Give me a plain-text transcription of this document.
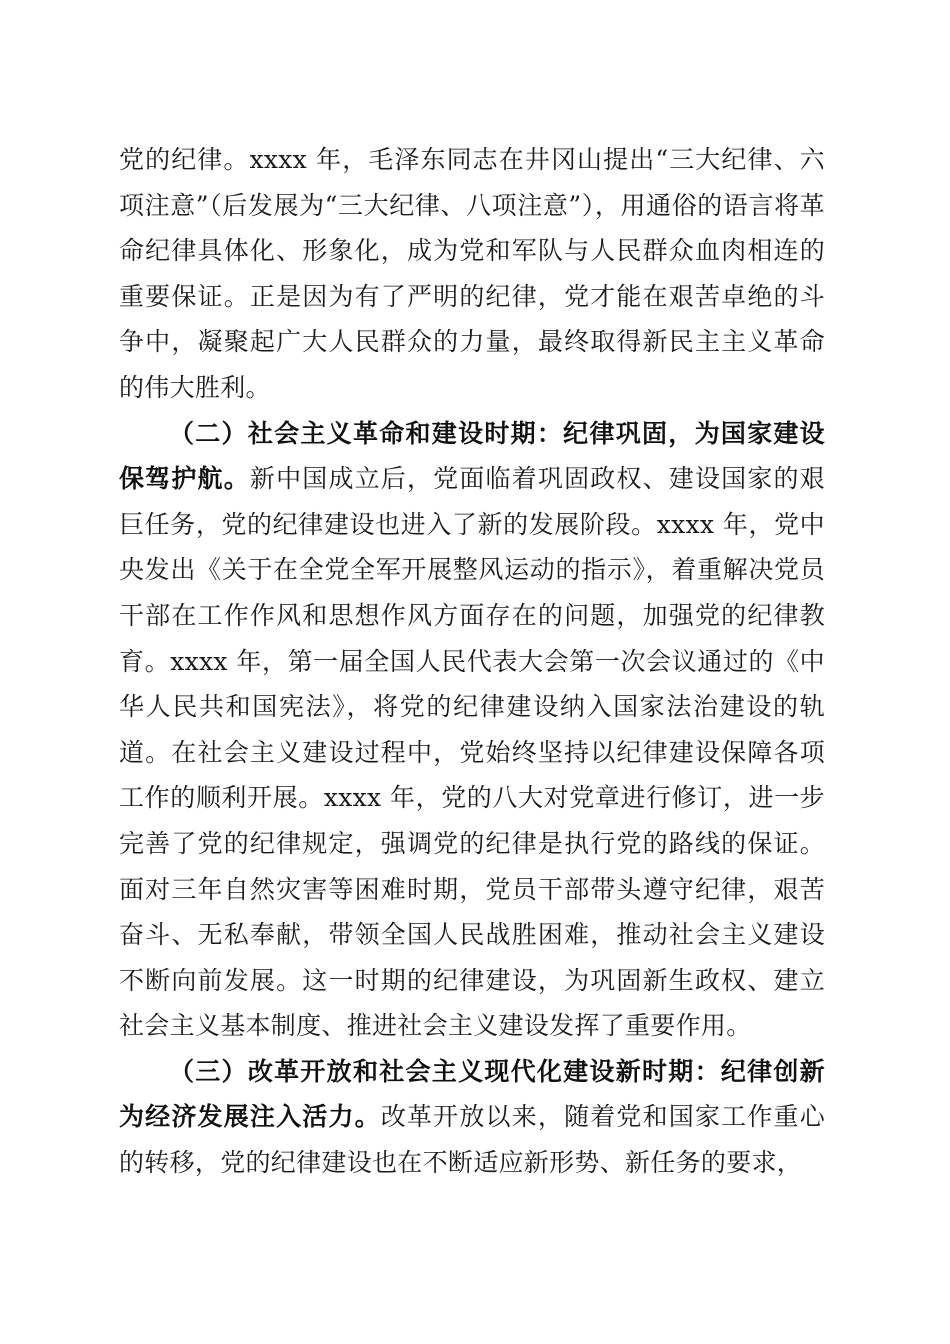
党的纪律。xxxx 年，毛泽东同志在井冈山提出“三大纪律、六项注意”（后发展为“三大纪律、八项注意”），用通俗的语言将革命纪律具体化、形象化，成为党和军队与人民群众血肉相连的重要保证。正是因为有了严明的纪律，党才能在艰苦卓绝的斗争中，凝聚起广大人民群众的力量，最终取得新民主主义革命的伟大胜利。

（二）社会主义革命和建设时期：纪律巩固，为国家建设保驾护航。新中国成立后，党面临着巩固政权、建设国家的艰巨任务，党的纪律建设也进入了新的发展阶段。xxxx 年，党中央发出《关于在全党全军开展整风运动的指示》，着重解决党员干部在工作作风和思想作风方面存在的问题，加强党的纪律教育。xxxx 年，第一届全国人民代表大会第一次会议通过的《中华人民共和国宪法》，将党的纪律建设纳入国家法治建设的轨道。在社会主义建设过程中，党始终坚持以纪律建设保障各项工作的顺利开展。xxxx 年，党的八大对党章进行修订，进一步完善了党的纪律规定，强调党的纪律是执行党的路线的保证。面对三年自然灾害等困难时期，党员干部带头遵守纪律，艰苦奋斗、无私奉献，带领全国人民战胜困难，推动社会主义建设不断向前发展。这一时期的纪律建设，为巩固新生政权、建立社会主义基本制度、推进社会主义建设发挥了重要作用。

（三）改革开放和社会主义现代化建设新时期：纪律创新为经济发展注入活力。改革开放以来，随着党和国家工作重心的转移，党的纪律建设也在不断适应新形势、新任务的要求，
